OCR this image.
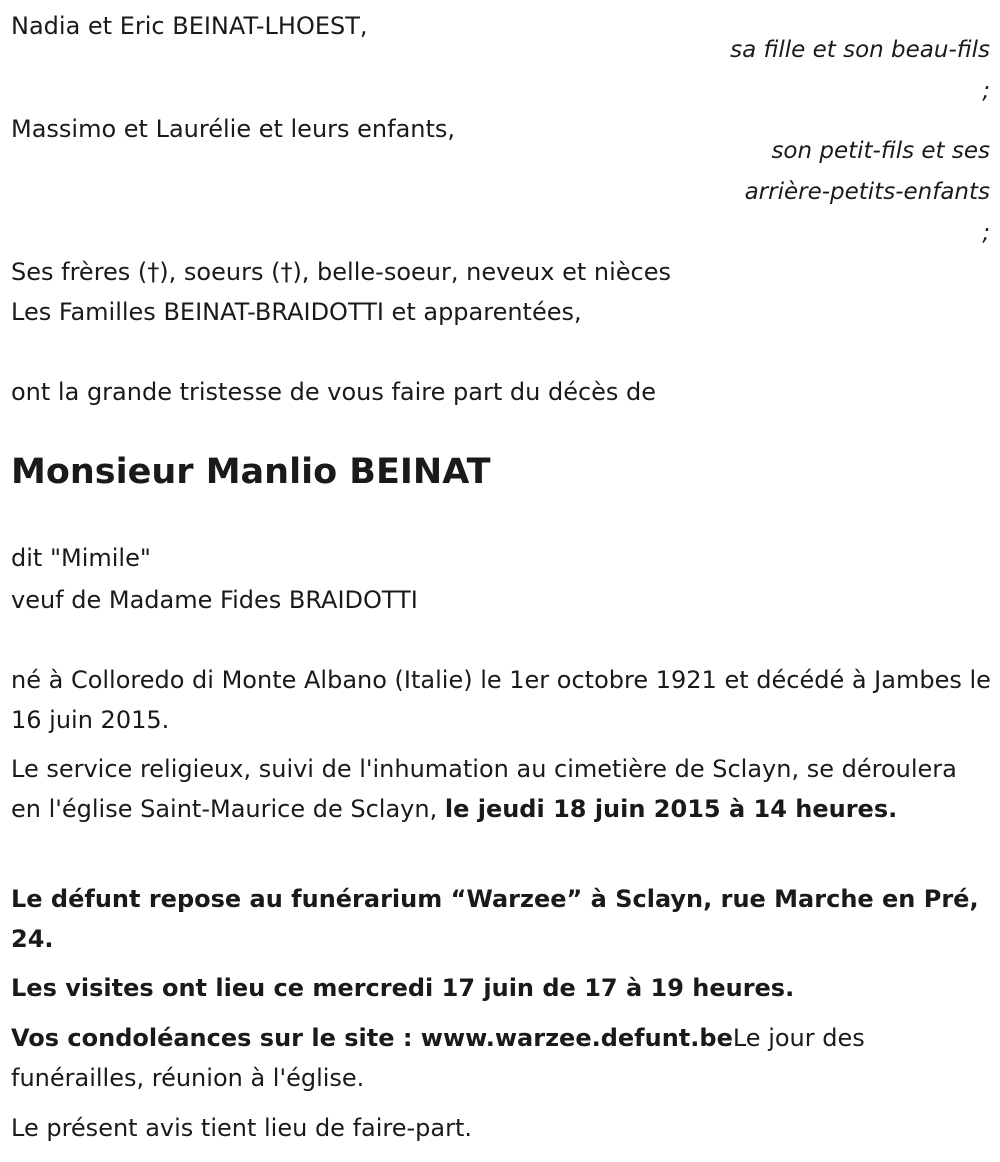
Nadia et Eric BEINAT-LHOEST,

sa fille et son beau-fils ;

Massimo et Laurélie et leurs enfants,

son petit-fils et ses arrière-petits-enfants ;

Ses frères (†), soeurs (†), belle-soeur, neveux et nièces

Les Familles BEINAT-BRAIDOTTI et apparentées,

ont la grande tristesse de vous faire part du décès de

Monsieur Manlio BEINAT

dit "Mimile"

veuf de Madame Fides BRAIDOTTI

né à Colloredo di Monte Albano (Italie) le 1er octobre 1921 et décédé à Jambes le 16 juin 2015.

Le service religieux, suivi de l'inhumation au cimetière de Sclayn, se déroulera en l'église Saint-Maurice de Sclayn, le jeudi 18 juin 2015 à 14 heures.

Le défunt repose au funérarium “Warzee” à Sclayn, rue Marche en Pré, 24.

Les visites ont lieu ce mercredi 17 juin de 17 à 19 heures.

Vos condoléances sur le site : www.warzee.defunt.beLe jour des funérailles, réunion à l'église.

Le présent avis tient lieu de faire-part.
